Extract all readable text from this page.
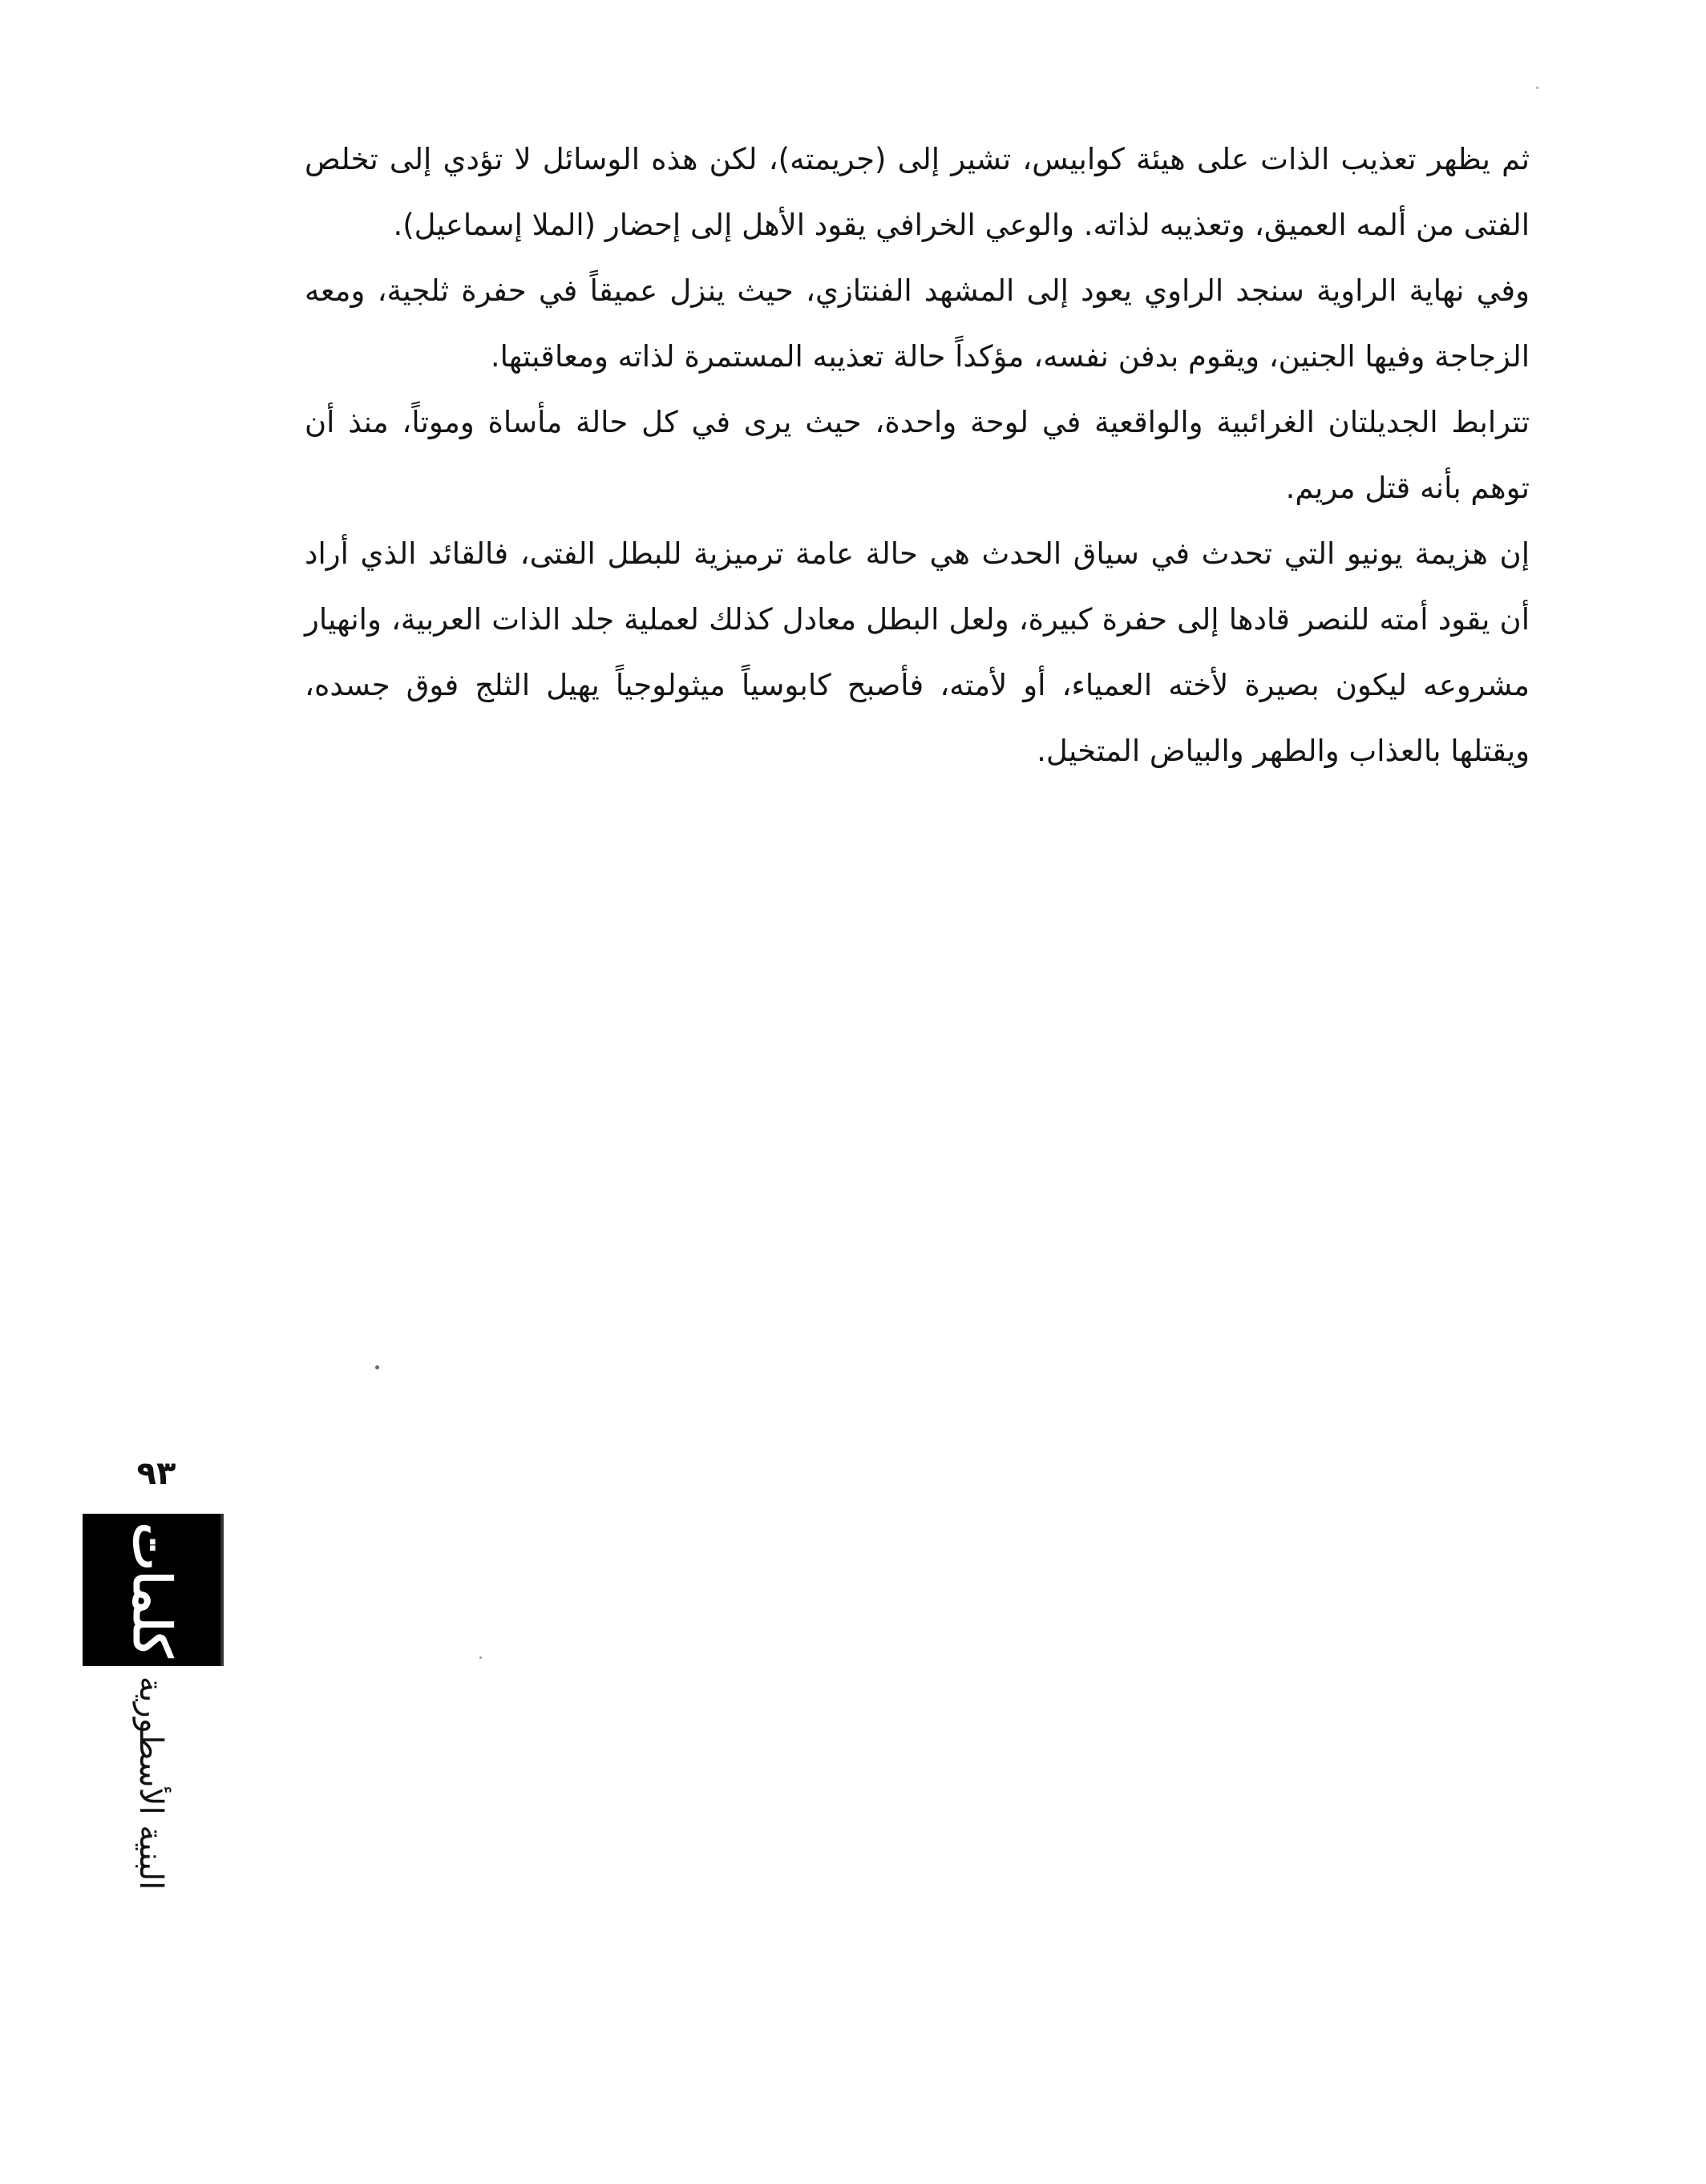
ثم يظهر تعذيب الذات على هيئة كوابيس، تشير إلى (جريمته)، لكن هذه الوسائل لا تؤدي إلى تخلص الفتى من ألمه العميق، وتعذيبه لذاته. والوعي الخرافي يقود الأهل إلى إحضار (الملا إسماعيل).

وفي نهاية الراوية سنجد الراوي يعود إلى المشهد الفنتازي، حيث ينزل عميقاً في حفرة ثلجية، ومعه الزجاجة وفيها الجنين، ويقوم بدفن نفسه، مؤكداً حالة تعذيبه المستمرة لذاته ومعاقبتها.

تترابط الجديلتان الغرائبية والواقعية في لوحة واحدة، حيث يرى في كل حالة مأساة وموتاً، منذ أن توهم بأنه قتل مريم.

إن هزيمة يونيو التي تحدث في سياق الحدث هي حالة عامة ترميزية للبطل الفتى، فالقائد الذي أراد أن يقود أمته للنصر قادها إلى حفرة كبيرة، ولعل البطل معادل كذلك لعملية جلد الذات العربية، وانهيار مشروعه ليكون بصيرة لأخته العمياء، أو لأمته، فأصبح كابوسياً ميثولوجياً يهيل الثلج فوق جسده، ويقتلها بالعذاب والطهر والبياض المتخيل.

٩٣
كلمات
البنية الأسطورية
